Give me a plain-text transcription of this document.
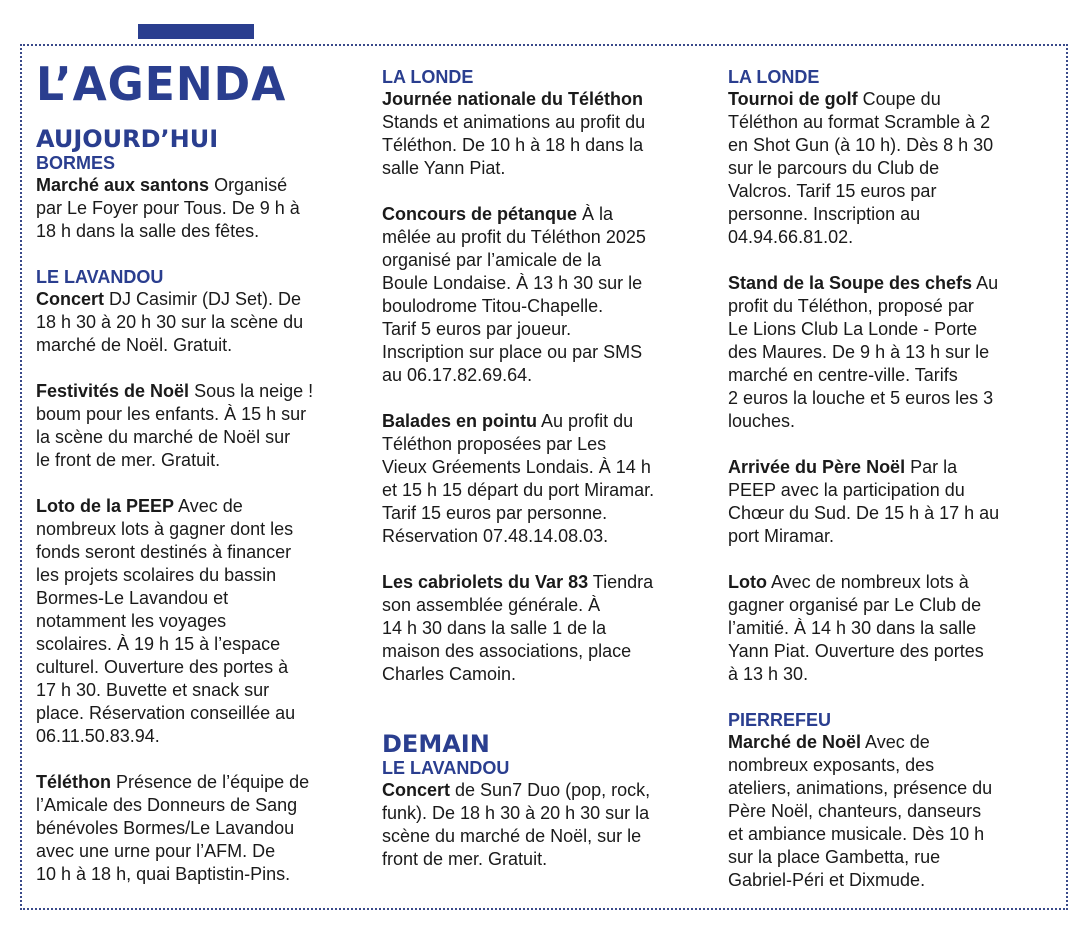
L’AGENDA
AUJOURD’HUI
BORMES

Marché aux santons Organisé
par Le Foyer pour Tous. De 9 h à
18 h dans la salle des fêtes.

LE LAVANDOU

Concert DJ Casimir (DJ Set). De
18 h 30 à 20 h 30 sur la scène du
marché de Noël. Gratuit.

Festivités de Noël Sous la neige !
boum pour les enfants. À 15 h sur
la scène du marché de Noël sur
le front de mer. Gratuit.

Loto de la PEEP Avec de
nombreux lots à gagner dont les
fonds seront destinés à financer
les projets scolaires du bassin
Bormes-Le Lavandou et
notamment les voyages
scolaires. À 19 h 15 à l’espace
culturel. Ouverture des portes à
17 h 30. Buvette et snack sur
place. Réservation conseillée au
06.11.50.83.94.

Téléthon Présence de l’équipe de
l’Amicale des Donneurs de Sang
bénévoles Bormes/Le Lavandou
avec une urne pour l’AFM. De
10 h à 18 h, quai Baptistin-Pins.

LA LONDE

Journée nationale du Téléthon
Stands et animations au profit du
Téléthon. De 10 h à 18 h dans la
salle Yann Piat.

Concours de pétanque À la
mêlée au profit du Téléthon 2025
organisé par l’amicale de la
Boule Londaise. À 13 h 30 sur le
boulodrome Titou-Chapelle.
Tarif 5 euros par joueur.
Inscription sur place ou par SMS
au 06.17.82.69.64.

Balades en pointu Au profit du
Téléthon proposées par Les
Vieux Gréements Londais. À 14 h
et 15 h 15 départ du port Miramar.
Tarif 15 euros par personne.
Réservation 07.48.14.08.03.

Les cabriolets du Var 83 Tiendra
son assemblée générale. À
14 h 30 dans la salle 1 de la
maison des associations, place
Charles Camoin.

DEMAIN
LE LAVANDOU

Concert de Sun7 Duo (pop, rock,
funk). De 18 h 30 à 20 h 30 sur la
scène du marché de Noël, sur le
front de mer. Gratuit.

LA LONDE

Tournoi de golf Coupe du
Téléthon au format Scramble à 2
en Shot Gun (à 10 h). Dès 8 h 30
sur le parcours du Club de
Valcros. Tarif 15 euros par
personne. Inscription au
04.94.66.81.02.

Stand de la Soupe des chefs Au
profit du Téléthon, proposé par
Le Lions Club La Londe - Porte
des Maures. De 9 h à 13 h sur le
marché en centre-ville. Tarifs
2 euros la louche et 5 euros les 3
louches.

Arrivée du Père Noël Par la
PEEP avec la participation du
Chœur du Sud. De 15 h à 17 h au
port Miramar.

Loto Avec de nombreux lots à
gagner organisé par Le Club de
l’amitié. À 14 h 30 dans la salle
Yann Piat. Ouverture des portes
à 13 h 30.

PIERREFEU

Marché de Noël Avec de
nombreux exposants, des
ateliers, animations, présence du
Père Noël, chanteurs, danseurs
et ambiance musicale. Dès 10 h
sur la place Gambetta, rue
Gabriel-Péri et Dixmude.
